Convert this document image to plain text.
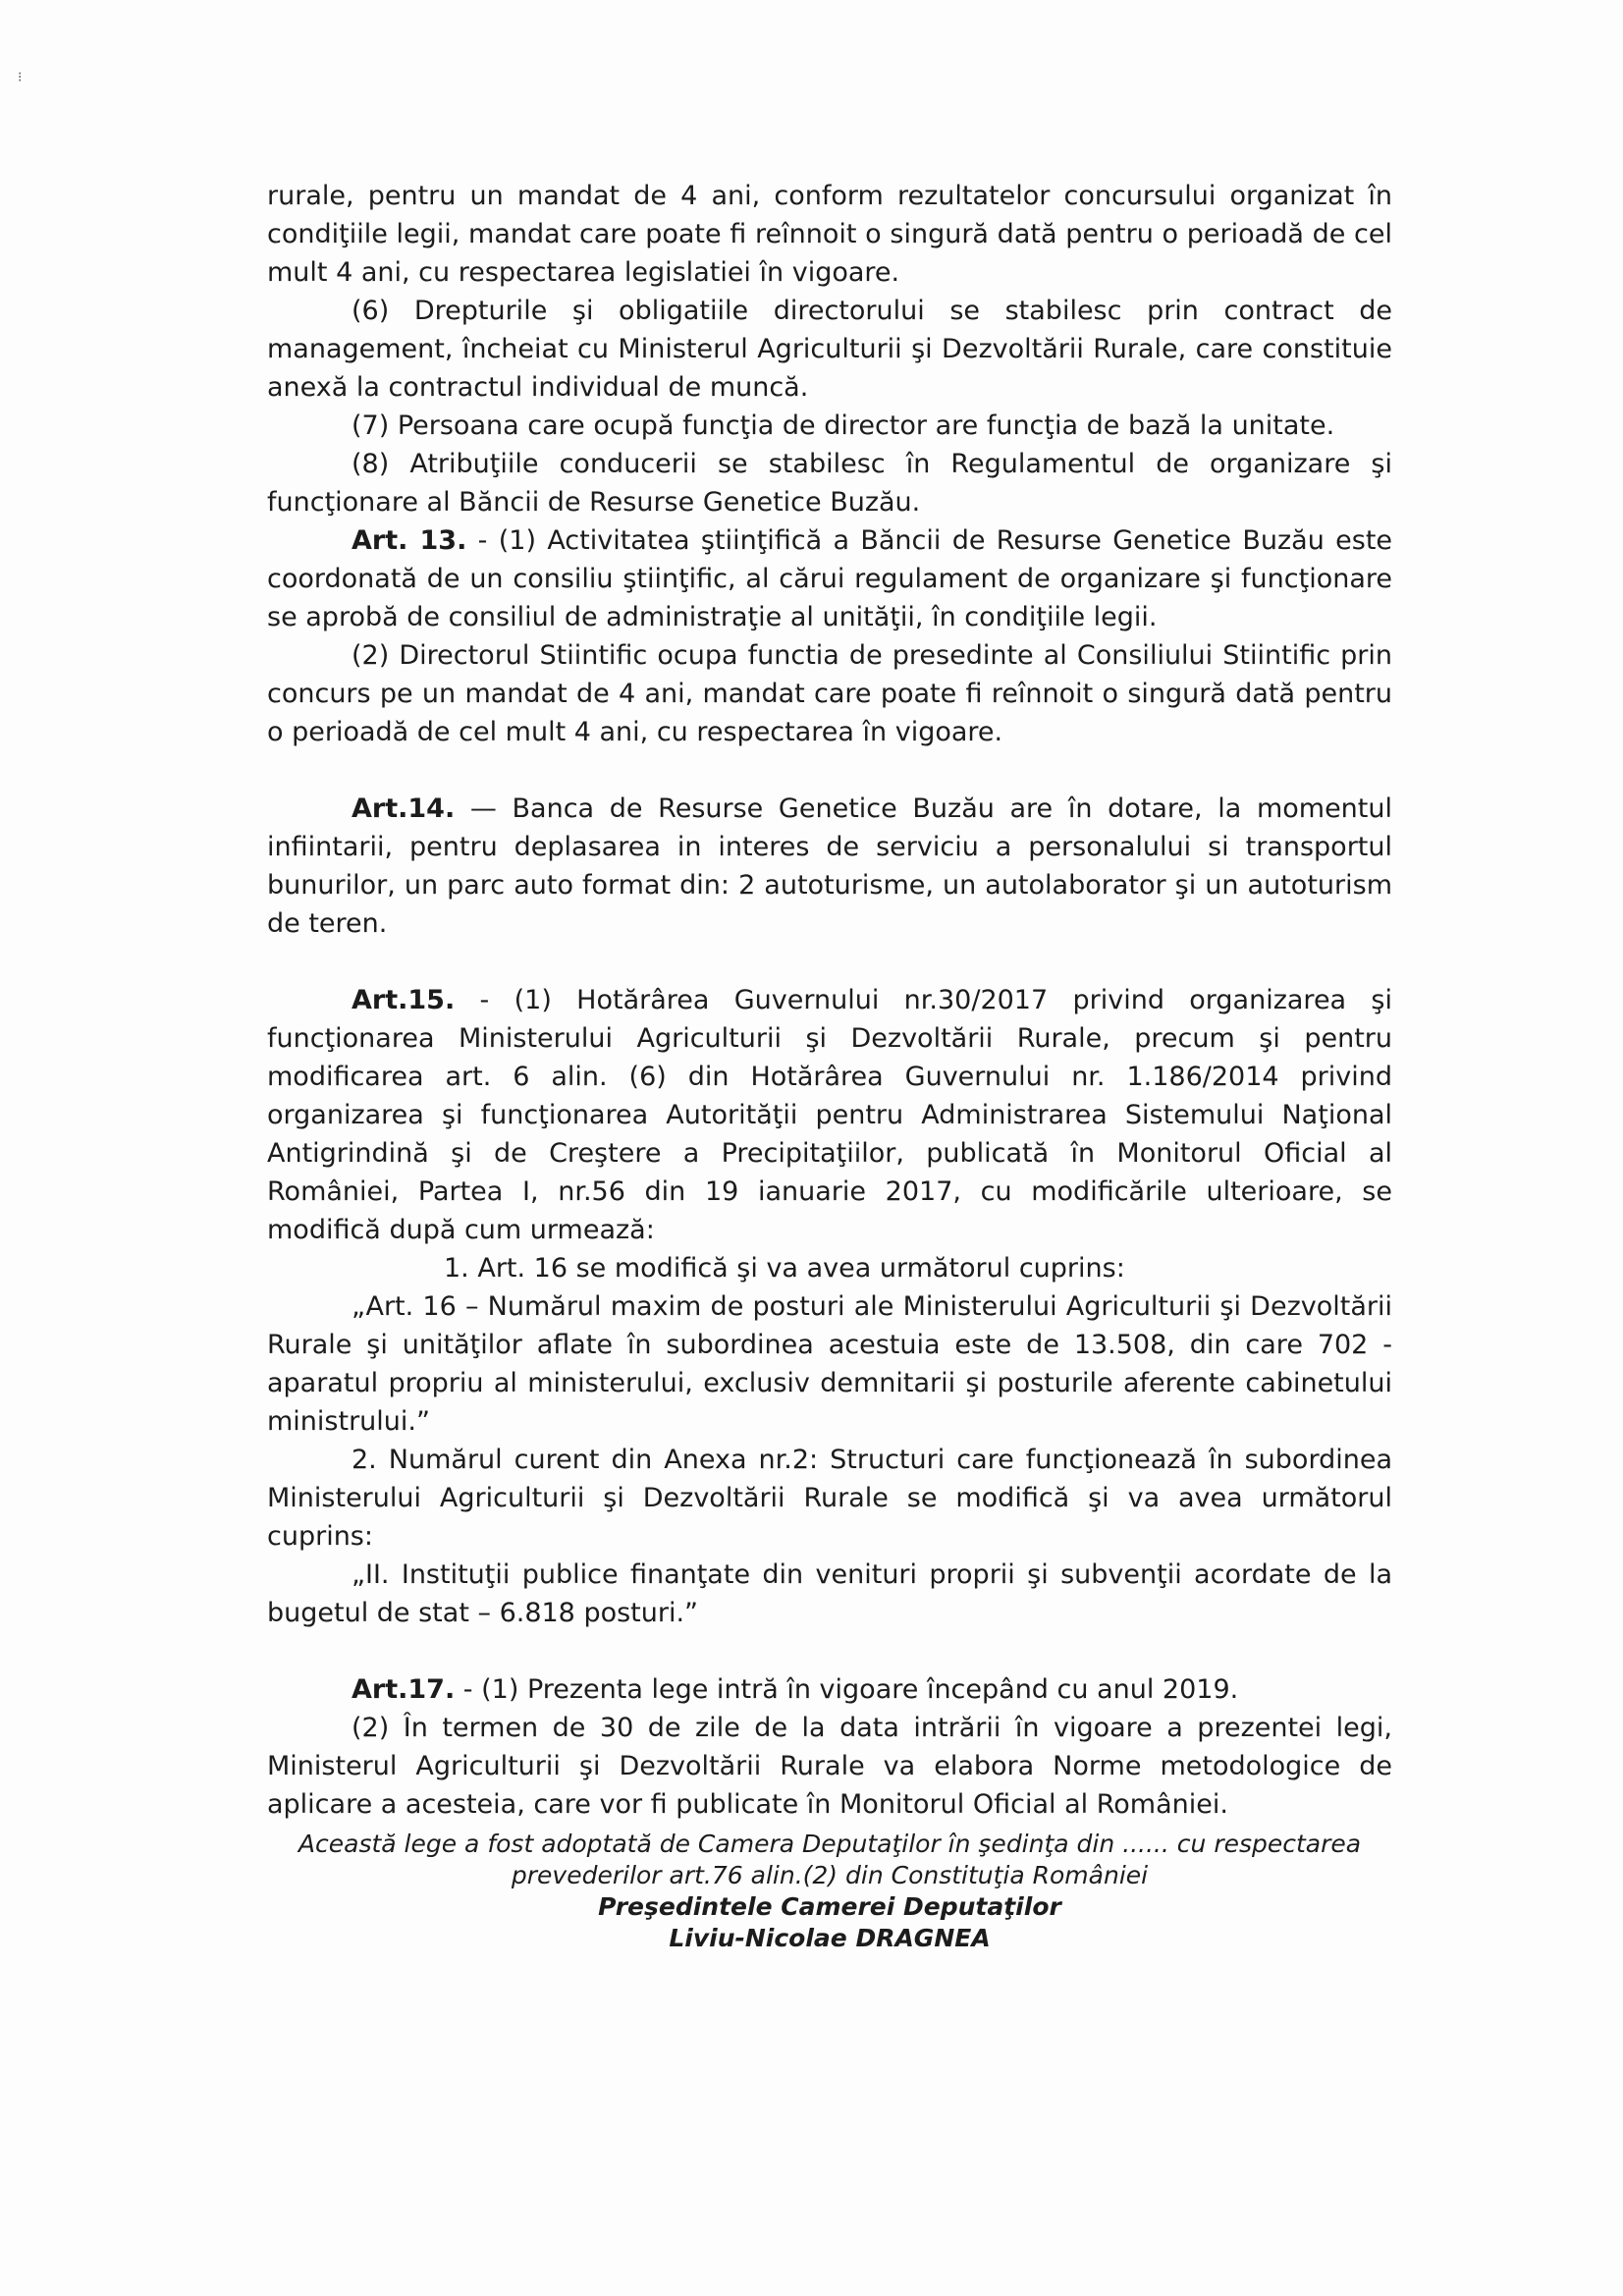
⁝

rurale, pentru un mandat de 4 ani, conform rezultatelor concursului organizat în condiţiile legii, mandat care poate fi reînnoit o singură dată pentru o perioadă de cel mult 4 ani, cu respectarea legislatiei în vigoare.

(6) Drepturile şi obligatiile directorului se stabilesc prin contract de management, încheiat cu Ministerul Agriculturii şi Dezvoltării Rurale, care constituie anexă la contractul individual de muncă.

(7) Persoana care ocupă funcţia de director are funcţia de bază la unitate.

(8) Atribuţiile conducerii se stabilesc în Regulamentul de organizare şi funcţionare al Băncii de Resurse Genetice Buzău.

Art. 13. - (1) Activitatea ştiinţifică a Băncii de Resurse Genetice Buzău este coordonată de un consiliu ştiinţific, al cărui regulament de organizare şi funcţionare se aprobă de consiliul de administraţie al unităţii, în condiţiile legii.

(2) Directorul Stiintific ocupa functia de presedinte al Consiliului Stiintific prin concurs pe un mandat de 4 ani, mandat care poate fi reînnoit o singură dată pentru o perioadă de cel mult 4 ani, cu respectarea în vigoare.

Art.14. — Banca de Resurse Genetice Buzău are în dotare, la momentul infiintarii, pentru deplasarea in interes de serviciu a personalului si transportul bunurilor, un parc auto format din: 2 autoturisme, un autolaborator şi un autoturism de teren.

Art.15. - (1) Hotărârea Guvernului nr.30/2017 privind organizarea şi funcţionarea Ministerului Agriculturii şi Dezvoltării Rurale, precum şi pentru modificarea art. 6 alin. (6) din Hotărârea Guvernului nr. 1.186/2014 privind organizarea şi funcţionarea Autorităţii pentru Administrarea Sistemului Naţional Antigrindină şi de Creştere a Precipitaţiilor, publicată în Monitorul Oficial al României, Partea I, nr.56 din 19 ianuarie 2017, cu modificările ulterioare, se modifică după cum urmează:

1. Art. 16 se modifică şi va avea următorul cuprins:

„Art. 16 – Numărul maxim de posturi ale Ministerului Agriculturii şi Dezvoltării Rurale şi unităţilor aflate în subordinea acestuia este de 13.508, din care 702 - aparatul propriu al ministerului, exclusiv demnitarii şi posturile aferente cabinetului ministrului.”

2. Numărul curent din Anexa nr.2: Structuri care funcţionează în subordinea Ministerului Agriculturii şi Dezvoltării Rurale se modifică şi va avea următorul cuprins:

„II. Instituţii publice finanţate din venituri proprii şi subvenţii acordate de la bugetul de stat – 6.818 posturi.”

Art.17. - (1) Prezenta lege intră în vigoare începând cu anul 2019.

(2) În termen de 30 de zile de la data intrării în vigoare a prezentei legi, Ministerul Agriculturii şi Dezvoltării Rurale va elabora Norme metodologice de aplicare a acesteia, care vor fi publicate în Monitorul Oficial al României.

Această lege a fost adoptată de Camera Deputaţilor în şedinţa din ...... cu respectarea
prevederilor art.76 alin.(2) din Constituţia României
Preşedintele Camerei Deputaţilor
Liviu-Nicolae DRAGNEA
